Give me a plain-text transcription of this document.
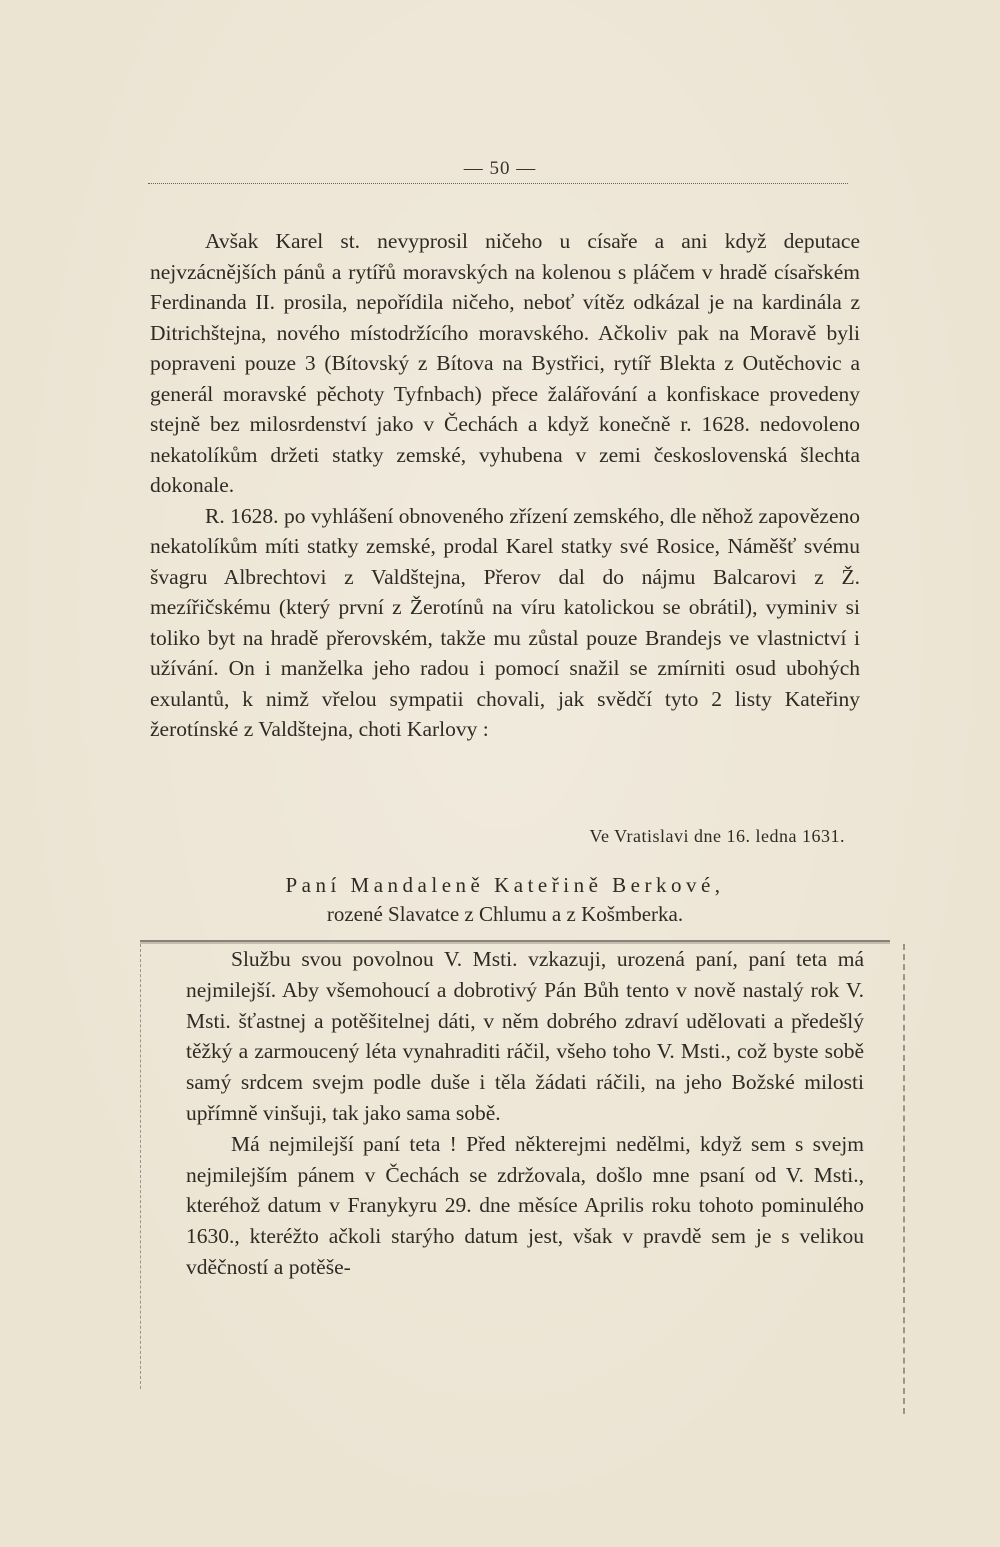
— 50 —

Avšak Karel st. nevyprosil ničeho u císaře a ani když deputace nejvzácnějších pánů a rytířů moravských na kolenou s pláčem v hradě císařském Ferdinanda II. prosila, nepořídila ničeho, neboť vítěz odkázal je na kardinála z Ditrichštejna, nového místodržícího moravského. Ačkoliv pak na Moravě byli popraveni pouze 3 (Bítovský z Bítova na Bystřici, rytíř Blekta z Outěchovic a generál moravské pěchoty Tyfnbach) přece žalářování a konfiskace provedeny stejně bez milosrdenství jako v Čechách a když konečně r. 1628. nedovoleno nekatolíkům držeti statky zemské, vyhubena v zemi československá šlechta dokonale.

R. 1628. po vyhlášení obnoveného zřízení zemského, dle něhož zapovězeno nekatolíkům míti statky zemské, prodal Karel statky své Rosice, Náměšť svému švagru Albrechtovi z Valdštejna, Přerov dal do nájmu Balcarovi z Ž. mezířičskému (který první z Žerotínů na víru katolickou se obrátil), vyminiv si toliko byt na hradě přerovském, takže mu zůstal pouze Brandejs ve vlastnictví i užívání. On i manželka jeho radou i pomocí snažil se zmírniti osud ubohých exulantů, k nimž vřelou sympatii chovali, jak svědčí tyto 2 listy Kateřiny žerotínské z Valdštejna, choti Karlovy :

Ve Vratislavi dne 16. ledna 1631.
Paní Mandaleně Kateřině Berkové,
rozené Slavatce z Chlumu a z Košmberka.

Službu svou povolnou V. Msti. vzkazuji, urozená paní, paní teta má nejmilejší. Aby všemohoucí a dobrotivý Pán Bůh tento v nově nastalý rok V. Msti. šťastnej a potěšitelnej dáti, v něm dobrého zdraví udělovati a předešlý těžký a zarmoucený léta vynahraditi ráčil, všeho toho V. Msti., což byste sobě samý srdcem svejm podle duše i těla žádati ráčili, na jeho Božské milosti upřímně vinšuji, tak jako sama sobě.

Má nejmilejší paní teta ! Před některejmi nedělmi, když sem s svejm nejmilejším pánem v Čechách se zdržovala, došlo mne psaní od V. Msti., kteréhož datum v Franykyru 29. dne měsíce Aprilis roku tohoto pominulého 1630., kteréžto ačkoli starýho datum jest, však v pravdě sem je s velikou vděčností a potěše-
